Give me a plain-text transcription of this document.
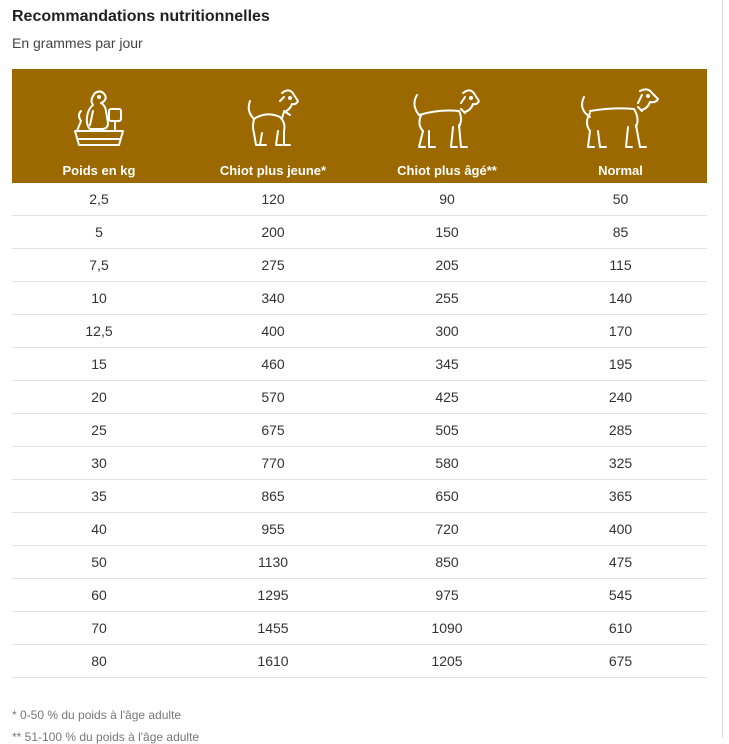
Recommandations nutritionnelles
En grammes par jour
Poids en kg	Chiot plus jeune*	Chiot plus âgé**	Normal
2,5	120	90	50
5	200	150	85
7,5	275	205	115
10	340	255	140
12,5	400	300	170
15	460	345	195
20	570	425	240
25	675	505	285
30	770	580	325
35	865	650	365
40	955	720	400
50	1130	850	475
60	1295	975	545
70	1455	1090	610
80	1610	1205	675
* 0-50 % du poids à l'âge adulte
** 51-100 % du poids à l'âge adulte
